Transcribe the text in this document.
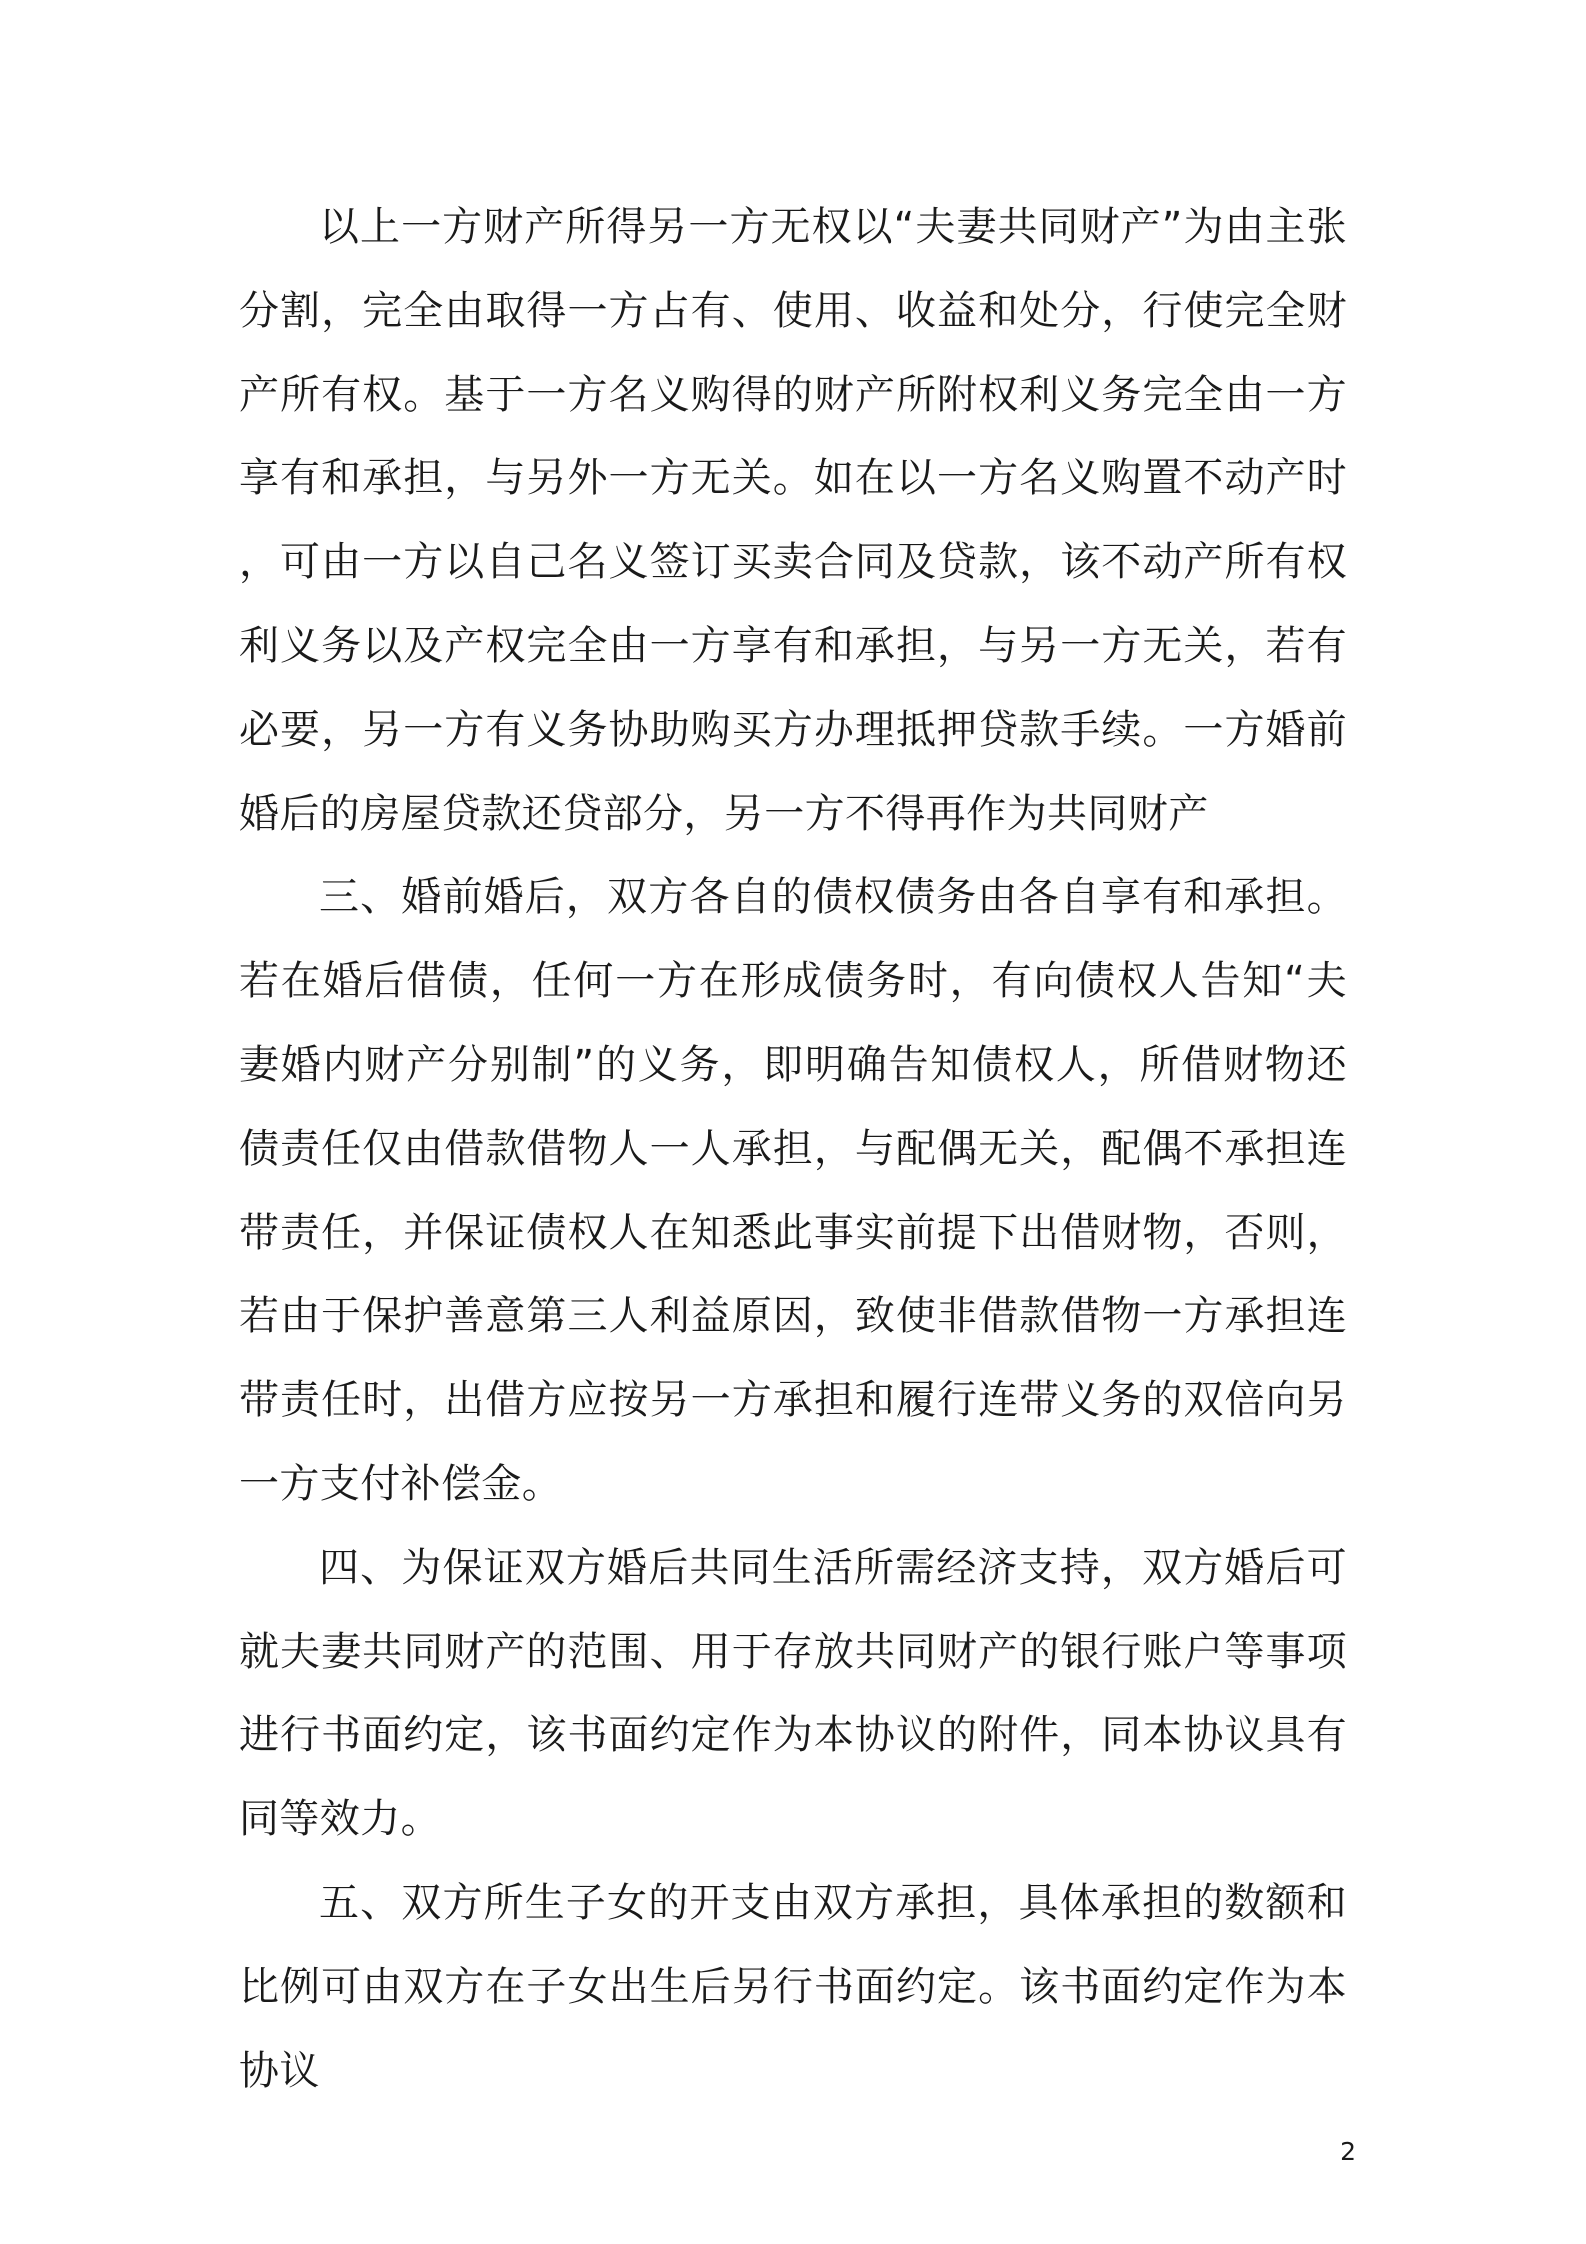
以上一方财产所得另一方无权以“夫妻共同财产”为由主张分割，完全由取得一方占有、使用、收益和处分，行使完全财产所有权。基于一方名义购得的财产所附权利义务完全由一方享有和承担，与另外一方无关。如在以一方名义购置不动产时，可由一方以自己名义签订买卖合同及贷款，该不动产所有权利义务以及产权完全由一方享有和承担，与另一方无关，若有必要，另一方有义务协助购买方办理抵押贷款手续。一方婚前婚后的房屋贷款还贷部分，另一方不得再作为共同财产

三、婚前婚后，双方各自的债权债务由各自享有和承担。若在婚后借债，任何一方在形成债务时，有向债权人告知“夫妻婚内财产分别制”的义务，即明确告知债权人，所借财物还债责任仅由借款借物人一人承担，与配偶无关，配偶不承担连带责任，并保证债权人在知悉此事实前提下出借财物，否则，若由于保护善意第三人利益原因，致使非借款借物一方承担连带责任时，出借方应按另一方承担和履行连带义务的双倍向另一方支付补偿金。

四、为保证双方婚后共同生活所需经济支持，双方婚后可就夫妻共同财产的范围、用于存放共同财产的银行账户等事项进行书面约定，该书面约定作为本协议的附件，同本协议具有同等效力。

五、双方所生子女的开支由双方承担，具体承担的数额和比例可由双方在子女出生后另行书面约定。该书面约定作为本协议

2
